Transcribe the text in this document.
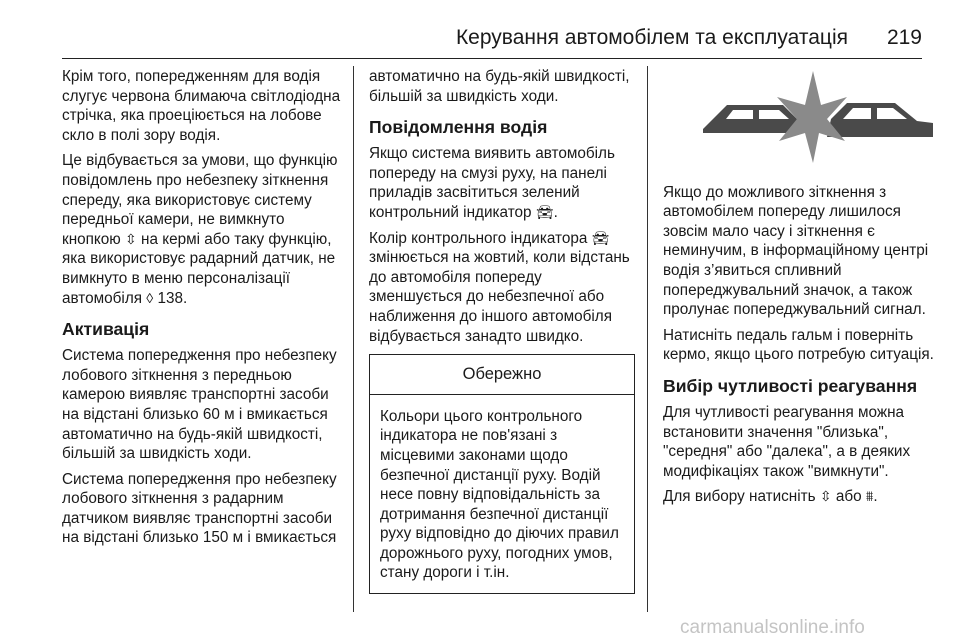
Керування автомобілем та експлуатація 219

Крім того, попередженням для водія слугує червона блимаюча світлодіодна стрічка, яка проеціюється на лобове скло в полі зору водія.

Це відбувається за умови, що функцію повідомлень про небезпеку зіткнення спереду, яка використовує систему передньої камери, не вимкнуто кнопкою ⇳ на кермі або таку функцію, яка використовує радарний датчик, не вимкнуто в меню персоналізації автомобіля ◊ 138.

Активація

Система попередження про небезпеку лобового зіткнення з передньою камерою виявляє транспортні засоби на відстані близько 60 м і вмикається автоматично на будь-якій швидкості, більшій за швидкість ходи.

Система попередження про небезпеку лобового зіткнення з радарним датчиком виявляє транспортні засоби на відстані близько 150 м і вмикається

автоматично на будь-якій швидкості, більшій за швидкість ходи.

Повідомлення водія

Якщо система виявить автомобіль попереду на смузі руху, на панелі приладів засвітиться зелений контрольний індикатор 🚘︎.

Колір контрольного індикатора 🚘︎ змінюється на жовтий, коли відстань до автомобіля попереду зменшується до небезпечної або наближення до іншого автомобіля відбувається занадто швидко.

Обережно
Кольори цього контрольного індикатора не пов'язані з місцевими законами щодо безпечної дистанції руху. Водій несе повну відповідальність за дотримання безпечної дистанції руху відповідно до діючих правил дорожнього руху, погодних умов, стану дороги і т.ін.

Якщо до можливого зіткнення з автомобілем попереду лишилося зовсім мало часу і зіткнення є неминучим, в інформаційному центрі водія з’явиться спливний попереджувальний значок, а також пролунає попереджувальний сигнал.

Натисніть педаль гальм і поверніть кермо, якщо цього потребую ситуація.

Вибір чутливості реагування

Для чутливості реагування можна встановити значення "близька", "середня" або "далека", а в деяких модифікаціях також "вимкнути".

Для вибору натисніть ⇳ або ⩩.

carmanualsonline.info
